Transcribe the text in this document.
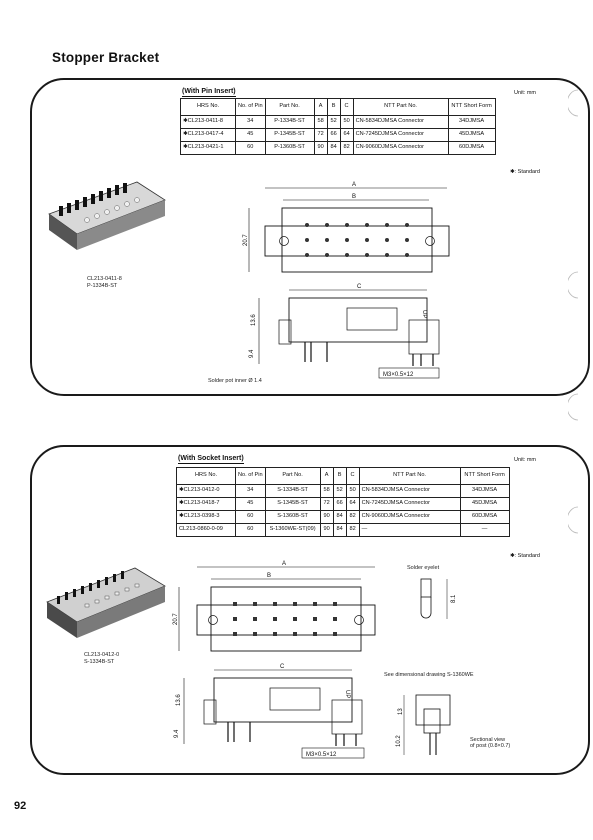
Stopper Bracket
(With Pin Insert)	Unit: mm
HRS No.	No. of Pin	Part No.	A	B	C	NTT Part No.	NTT Short Form
✱CL213-0411-8	34	P-1334B-ST	58	52	50	CN-5834DJMSA Connector	34DJMSA
✱CL213-0417-4	45	P-1345B-ST	72	66	64	CN-7245DJMSA Connector	45DJMSA
✱CL213-0421-1	60	P-1360B-ST	90	84	82	CN-9060DJMSA Connector	60DJMSA
✱: Standard
CL213-0411-8
P-1334B-ST
A
B
20.7
C
UP
13.6
9.4
M3×0.5×12
Solder pot inner Ø 1.4
(With Socket Insert)	Unit: mm
HRS No.	No. of Pin	Part No.	A	B	C	NTT Part No.	NTT Short Form
✱CL213-0412-0	34	S-1334B-ST	58	52	50	CN-5834DJMSA Connector	34DJMSA
✱CL213-0418-7	45	S-1345B-ST	72	66	64	CN-7245DJMSA Connector	45DJMSA
✱CL213-0398-3	60	S-1360B-ST	90	84	82	CN-9060DJMSA Connector	60DJMSA
CL213-0860-0-09	60	S-1360WE-ST(09)	90	84	82	—	—
✱: Standard
CL213-0412-0
S-1334B-ST
A
B
20.7
C
UP
13.6
9.4
M3×0.5×12
Solder eyelet
8.1
See dimensional drawing S-1360WE
13
10.2	Sectional view
of post (0.8×0.7)
92
